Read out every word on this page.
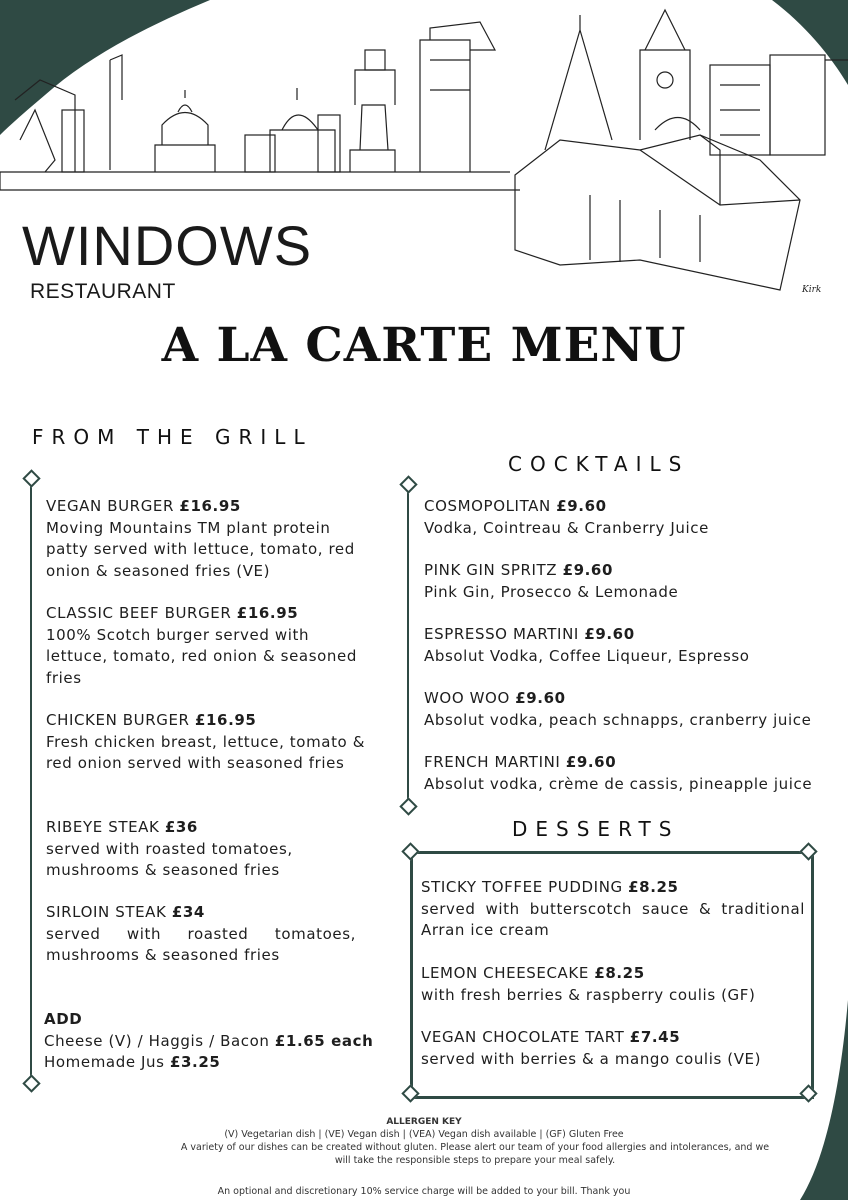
Kirk
WINDOWS
RESTAURANT
A LA CARTE MENU
FROM THE GRILL
VEGAN BURGER £16.95
Moving Mountains TM plant protein patty served with lettuce, tomato, red onion & seasoned fries (VE)
CLASSIC BEEF BURGER £16.95
100% Scotch burger served with lettuce, tomato, red onion & seasoned fries
CHICKEN BURGER £16.95
Fresh chicken breast, lettuce, tomato & red onion served with seasoned fries
RIBEYE STEAK £36
served with roasted tomatoes, mushrooms & seasoned fries
SIRLOIN STEAK £34
served with roasted tomatoes, mushrooms & seasoned fries
ADD
Cheese (V) / Haggis / Bacon £1.65 each
Homemade Jus £3.25
COCKTAILS
COSMOPOLITAN £9.60
Vodka, Cointreau & Cranberry Juice
PINK GIN SPRITZ £9.60
Pink Gin, Prosecco & Lemonade
ESPRESSO MARTINI £9.60
Absolut Vodka, Coffee Liqueur, Espresso
WOO WOO £9.60
Absolut vodka, peach schnapps, cranberry juice
FRENCH MARTINI £9.60
Absolut vodka, crème de cassis, pineapple juice
DESSERTS
STICKY TOFFEE PUDDING £8.25
served with butterscotch sauce & traditional Arran ice cream
LEMON CHEESECAKE £8.25
with fresh berries & raspberry coulis (GF)
VEGAN CHOCOLATE TART £7.45
served with berries & a mango coulis (VE)
ALLERGEN KEY
(V) Vegetarian dish | (VE) Vegan dish | (VEA) Vegan dish available | (GF) Gluten Free
A variety of our dishes can be created without gluten. Please alert our team of your food allergies and intolerances, and we will take the responsible steps to prepare your meal safely.
An optional and discretionary 10% service charge will be added to your bill. Thank you
